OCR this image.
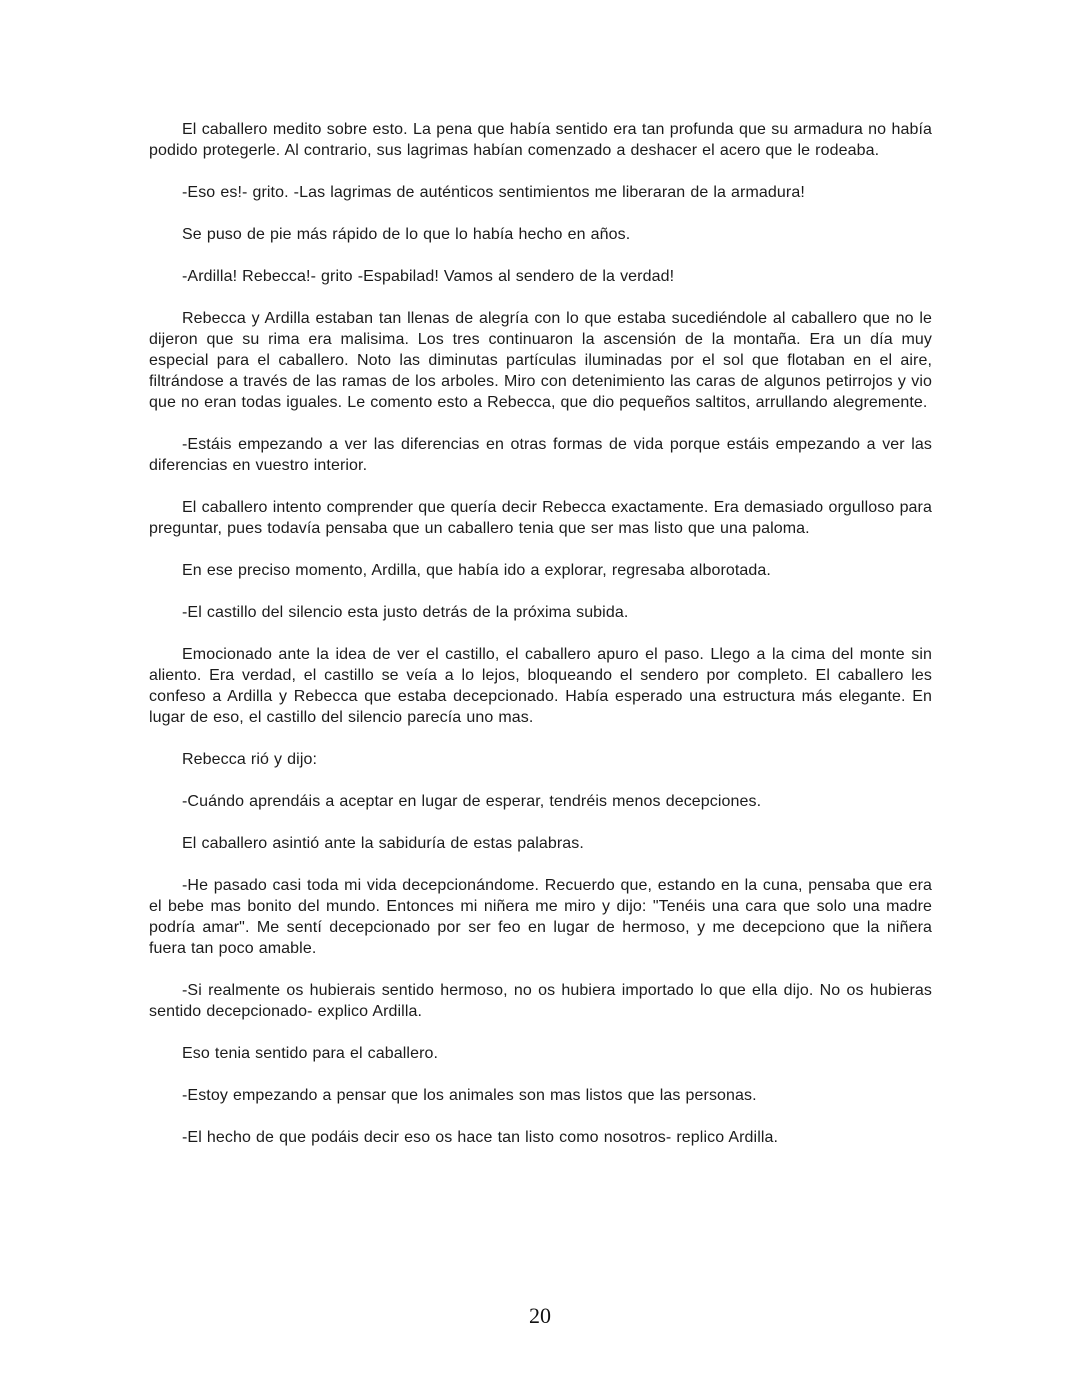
El caballero medito sobre esto. La pena que había sentido era tan profunda que su armadura no había podido protegerle. Al contrario, sus lagrimas habían comenzado a deshacer el acero que le rodeaba.

-Eso es!- grito. -Las lagrimas de auténticos sentimientos me liberaran de la armadura!

Se puso de pie más rápido de lo que lo había hecho en años.

-Ardilla! Rebecca!- grito -Espabilad! Vamos al sendero de la verdad!

Rebecca y Ardilla estaban tan llenas de alegría con lo que estaba sucediéndole al caballero que no le dijeron que su rima era malisima. Los tres continuaron la ascensión de la montaña. Era un día muy especial para el caballero. Noto las diminutas partículas iluminadas por el sol que flotaban en el aire, filtrándose a través de las ramas de los arboles. Miro con detenimiento las caras de algunos petirrojos y vio que no eran todas iguales. Le comento esto a Rebecca, que dio pequeños saltitos, arrullando alegremente.

-Estáis empezando a ver las diferencias en otras formas de vida porque estáis empezando a ver las diferencias en vuestro interior.

El caballero intento comprender que quería decir Rebecca exactamente. Era demasiado orgulloso para preguntar, pues todavía pensaba que un caballero tenia que ser mas listo que una paloma.

En ese preciso momento, Ardilla, que había ido a explorar, regresaba alborotada.

-El castillo del silencio esta justo detrás de la próxima subida.

Emocionado ante la idea de ver el castillo, el caballero apuro el paso. Llego a la cima del monte sin aliento. Era verdad, el castillo se veía a lo lejos, bloqueando el sendero por completo. El caballero les confeso a Ardilla y Rebecca que estaba decepcionado. Había esperado una estructura más elegante. En lugar de eso, el castillo del silencio parecía uno mas.

Rebecca rió y dijo:

-Cuándo aprendáis a aceptar en lugar de esperar, tendréis menos decepciones.

El caballero asintió ante la sabiduría de estas palabras.

-He pasado casi toda mi vida decepcionándome. Recuerdo que, estando en la cuna, pensaba que era el bebe mas bonito del mundo. Entonces mi niñera me miro y dijo: "Tenéis una cara que solo una madre podría amar". Me sentí decepcionado por ser feo en lugar de hermoso, y me decepciono que la niñera fuera tan poco amable.

-Si realmente os hubierais sentido hermoso, no os hubiera importado lo que ella dijo. No os hubieras sentido decepcionado- explico Ardilla.

Eso tenia sentido para el caballero.

-Estoy empezando a pensar que los animales son mas listos que las personas.

-El hecho de que podáis decir eso os hace tan listo como nosotros- replico Ardilla.

20
